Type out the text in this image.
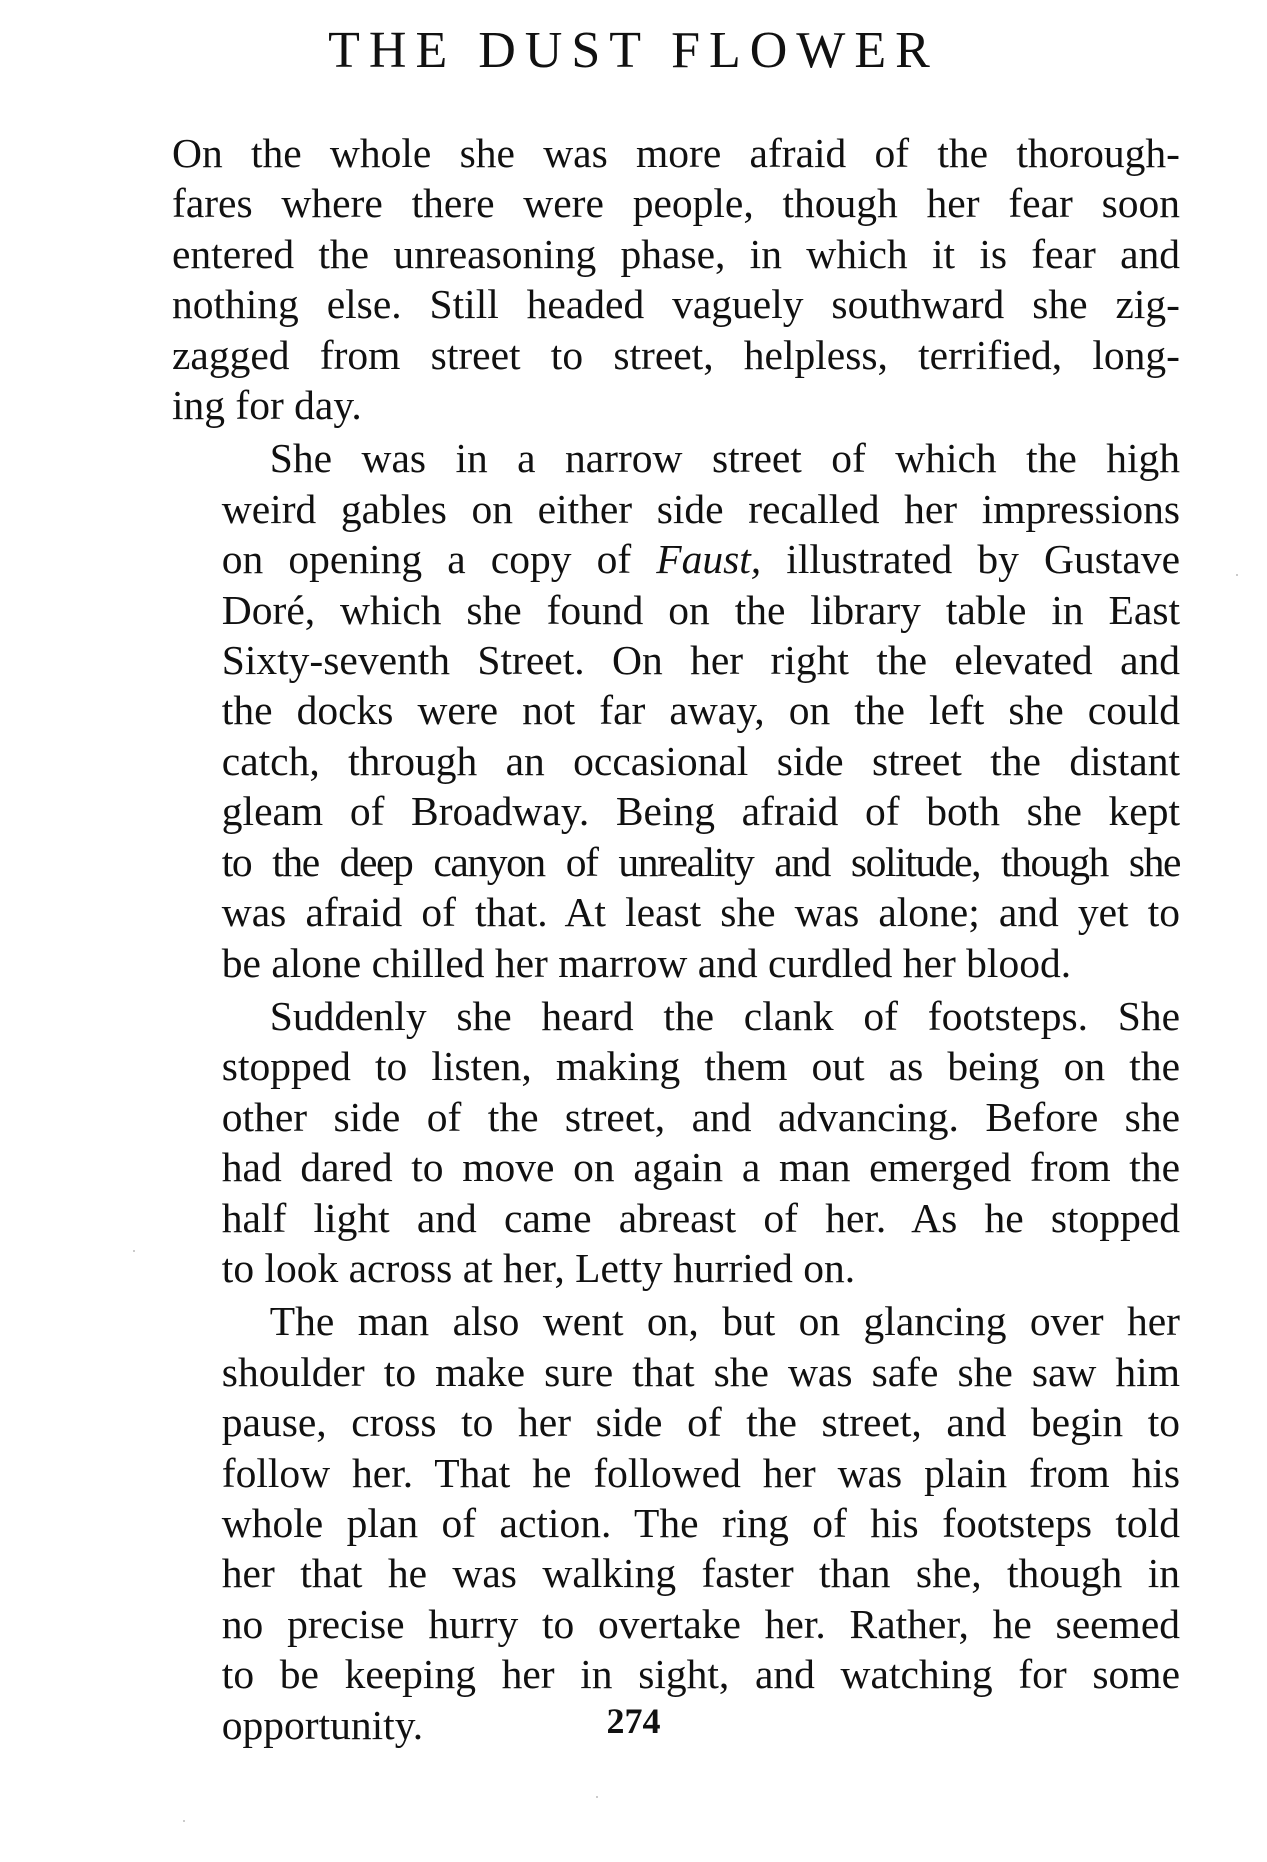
THE DUST FLOWER
On the whole she was more afraid of the thorough-
fares where there were people, though her fear soon
entered the unreasoning phase, in which it is fear and
nothing else. Still headed vaguely southward she zig-
zagged from street to street, helpless, terrified, long-
ing for day.
She was in a narrow street of which the high
weird gables on either side recalled her impressions
on opening a copy of Faust, illustrated by Gustave
Doré, which she found on the library table in East
Sixty-seventh Street. On her right the elevated and
the docks were not far away, on the left she could
catch, through an occasional side street the distant
gleam of Broadway. Being afraid of both she kept
to the deep canyon of unreality and solitude, though she
was afraid of that. At least she was alone; and yet to
be alone chilled her marrow and curdled her blood.
Suddenly she heard the clank of footsteps. She
stopped to listen, making them out as being on the
other side of the street, and advancing. Before she
had dared to move on again a man emerged from the
half light and came abreast of her. As he stopped
to look across at her, Letty hurried on.
The man also went on, but on glancing over her
shoulder to make sure that she was safe she saw him
pause, cross to her side of the street, and begin to
follow her. That he followed her was plain from his
whole plan of action. The ring of his footsteps told
her that he was walking faster than she, though in
no precise hurry to overtake her. Rather, he seemed
to be keeping her in sight, and watching for some
opportunity.	274
